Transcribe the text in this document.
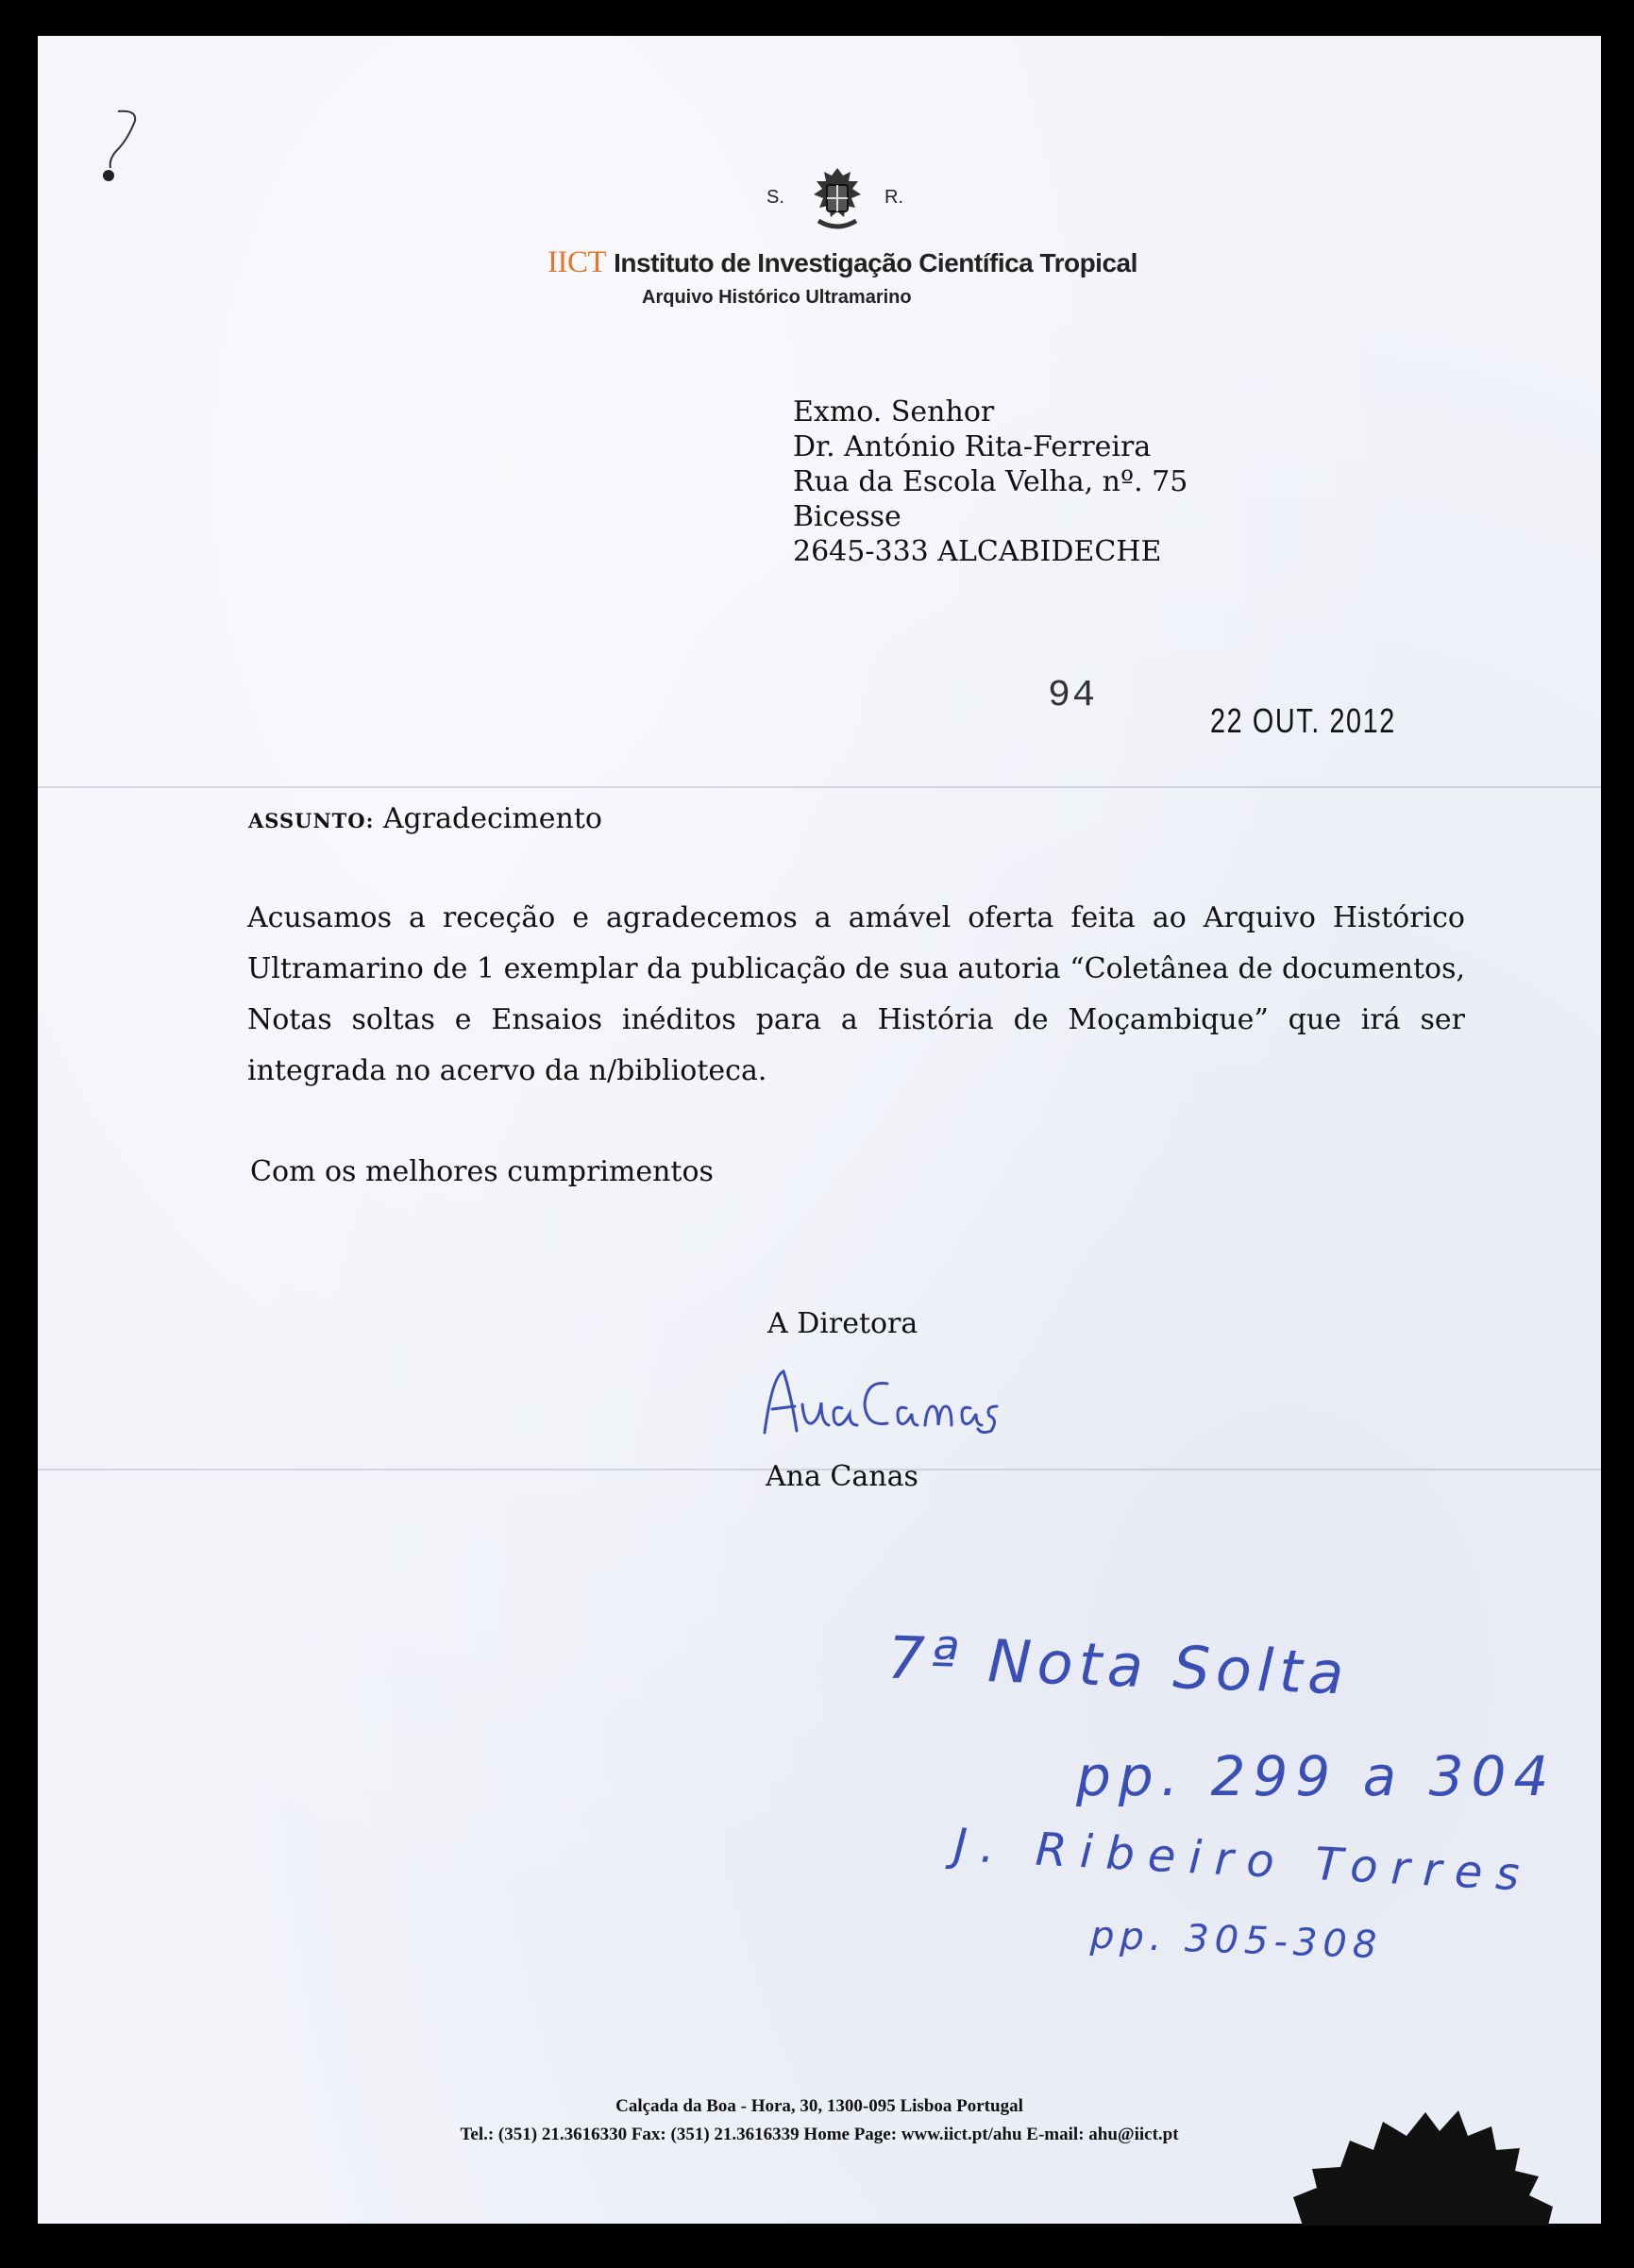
S.	R.
IICT Instituto de Investigação Científica Tropical
Arquivo Histórico Ultramarino
Exmo. Senhor
Dr. António Rita-Ferreira
Rua da Escola Velha, nº. 75
Bicesse
2645-333 ALCABIDECHE
94
22 OUT. 2012
ASSUNTO: Agradecimento
Acusamos a receção e agradecemos a amável oferta feita ao Arquivo Histórico Ultramarino de 1 exemplar da publicação de sua autoria “Coletânea de documentos, Notas soltas e Ensaios inéditos para a História de Moçambique” que irá ser integrada no acervo da n/biblioteca.
Com os melhores cumprimentos
A Diretora
Ana Canas
7ª Nota Solta
pp. 299 a 304
J. Ribeiro Torres
pp. 305-308
Calçada da Boa - Hora, 30, 1300-095 Lisboa Portugal
Tel.: (351) 21.3616330 Fax: (351) 21.3616339 Home Page: www.iict.pt/ahu E-mail: ahu@iict.pt
